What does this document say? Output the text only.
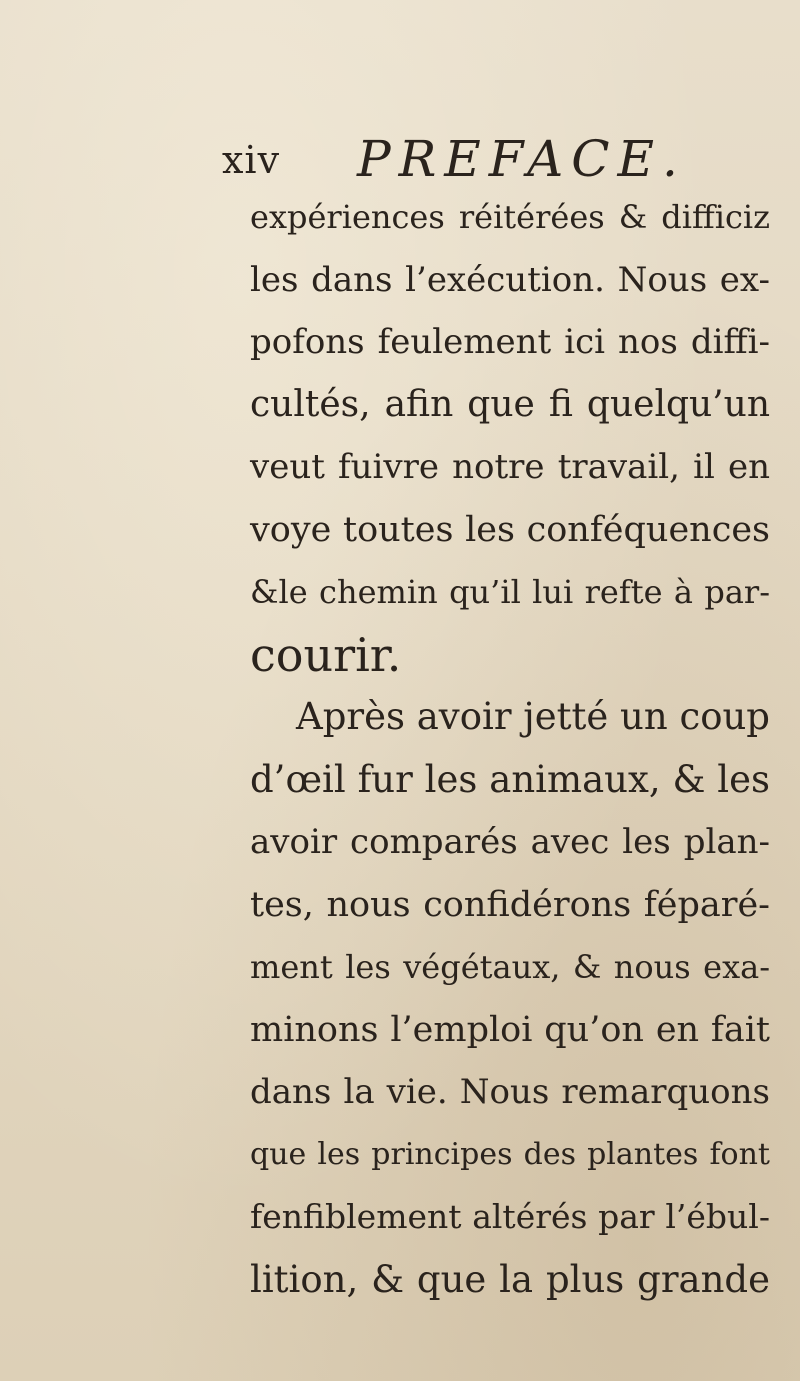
xiv PREFACE.
expériences réitérées & difficiz
les dans l’exécution. Nous ex-
pofons feulement ici nos diffi-
cultés, afin que fi quelqu’un
veut fuivre notre travail, il en
voye toutes les conféquences
&le chemin qu’il lui refte à par-
courir.
Après avoir jetté un coup
d’œil fur les animaux, & les
avoir comparés avec les plan-
tes, nous confidérons féparé-
ment les végétaux, & nous exa-
minons l’emploi qu’on en fait
dans la vie. Nous remarquons
que les principes des plantes font
fenfiblement altérés par l’ébul-
lition, & que la plus grande
